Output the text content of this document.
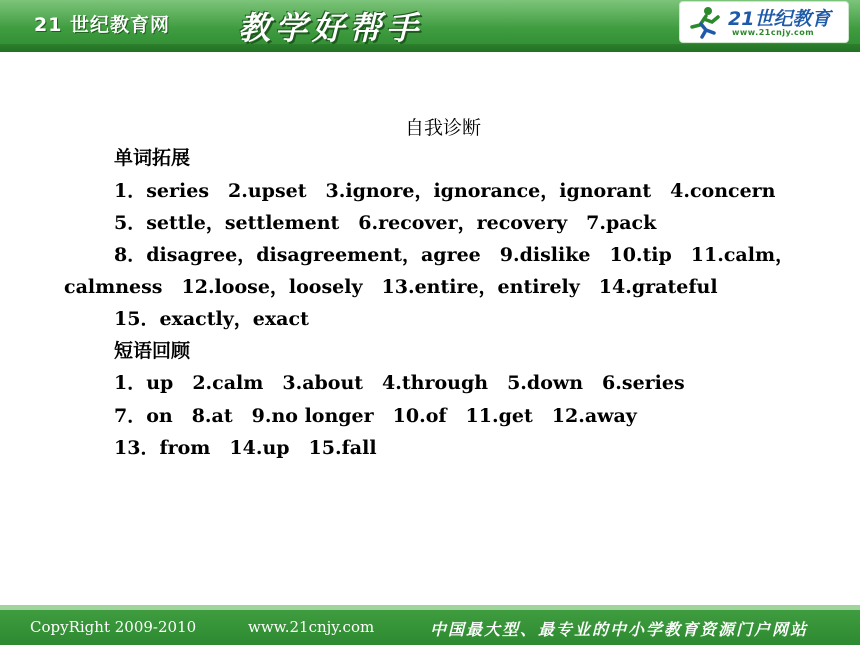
21 世纪教育网 教学好帮手	21世纪教育
www.21cnjy.com
自我诊断
单词拓展
1．series　2.upset　3.ignore，ignorance，ignorant　4.concern
5．settle，settlement　6.recover，recovery　7.pack
8．disagree，disagreement，agree　9.dislike　10.tip　11.calm，
calmness　12.loose，loosely　13.entire，entirely　14.grateful
15．exactly，exact
短语回顾
1．up　2.calm　3.about　4.through　5.down　6.series
7．on　8.at　9.no longer　10.of　11.get　12.away
13．from　14.up　15.fall
CopyRight 2009-2010	www.21cnjy.com	中国最大型、最专业的中小学教育资源门户网站
